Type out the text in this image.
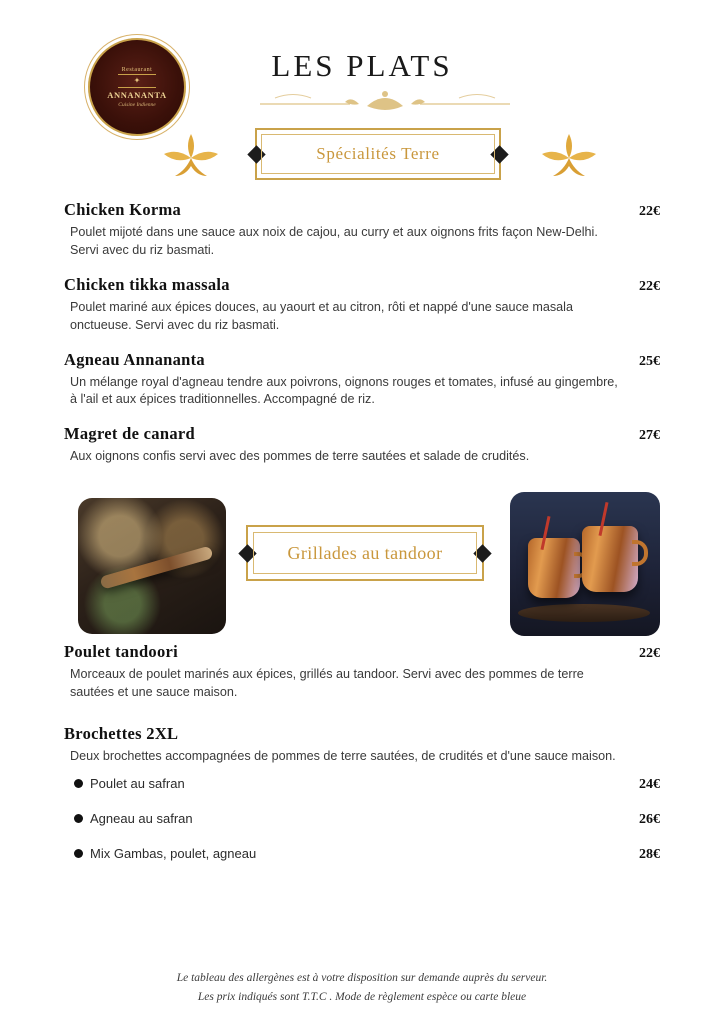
Restaurant
✦
ANNANANTA
Cuisine Indienne
LES PLATS
Spécialités Terre
Chicken Korma	22€
Poulet mijoté dans une sauce aux noix de cajou, au curry et aux oignons frits façon New-Delhi. Servi avec du riz basmati.
Chicken tikka massala	22€
Poulet mariné aux épices douces, au yaourt et au citron, rôti et nappé d'une sauce masala onctueuse. Servi avec du riz basmati.
Agneau Annananta	25€
Un mélange royal d'agneau tendre aux poivrons, oignons rouges et tomates, infusé au gingembre, à l'ail et aux épices traditionnelles. Accompagné de riz.
Magret de canard	27€
Aux oignons confis servi avec des pommes de terre sautées et salade de crudités.
Grillades au tandoor
Poulet tandoori	22€
Morceaux de poulet marinés aux épices, grillés au tandoor. Servi avec des pommes de terre sautées et une sauce maison.
Brochettes 2XL
Deux brochettes accompagnées de pommes de terre sautées, de crudités et d'une sauce maison.
Poulet au safran	24€
Agneau au safran	26€
Mix Gambas, poulet, agneau	28€
Le tableau des allergènes est à votre disposition sur demande auprès du serveur.
Les prix indiqués sont T.T.C . Mode de règlement espèce ou carte bleue
